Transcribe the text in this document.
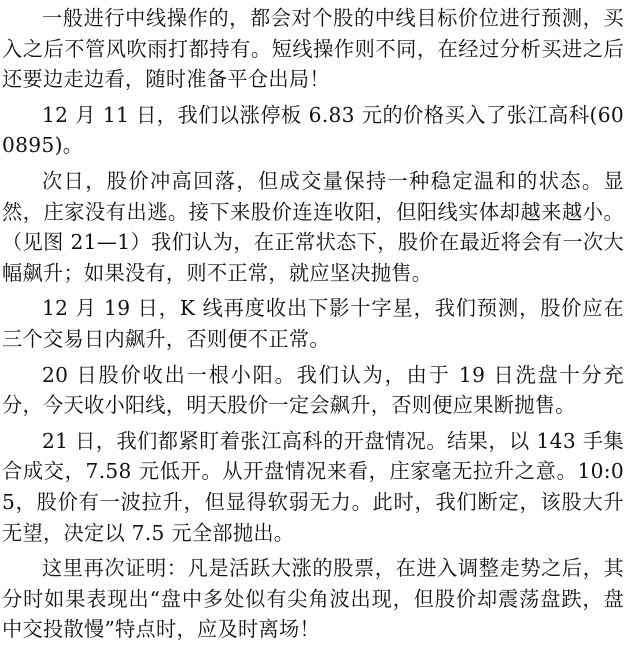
一般进行中线操作的，都会对个股的中线目标价位进行预测，买入之后不管风吹雨打都持有。短线操作则不同，在经过分析买进之后还要边走边看，随时准备平仓出局！

12 月 11 日，我们以涨停板 6.83 元的价格买入了张江高科(600895)。

次日，股价冲高回落，但成交量保持一种稳定温和的状态。显然，庄家没有出逃。接下来股价连连收阳，但阳线实体却越来越小。（见图 21—1）我们认为，在正常状态下，股价在最近将会有一次大幅飙升；如果没有，则不正常，就应坚决抛售。

12 月 19 日，K 线再度收出下影十字星，我们预测，股价应在三个交易日内飙升，否则便不正常。

20 日股价收出一根小阳。我们认为，由于 19 日洗盘十分充分，今天收小阳线，明天股价一定会飙升，否则便应果断抛售。

21 日，我们都紧盯着张江高科的开盘情况。结果，以 143 手集合成交，7.58 元低开。从开盘情况来看，庄家毫无拉升之意。10:05，股价有一波拉升，但显得软弱无力。此时，我们断定，该股大升无望，决定以 7.5 元全部抛出。

这里再次证明：凡是活跃大涨的股票，在进入调整走势之后，其分时如果表现出“盘中多处似有尖角波出现，但股价却震荡盘跌，盘中交投散慢”特点时，应及时离场！
